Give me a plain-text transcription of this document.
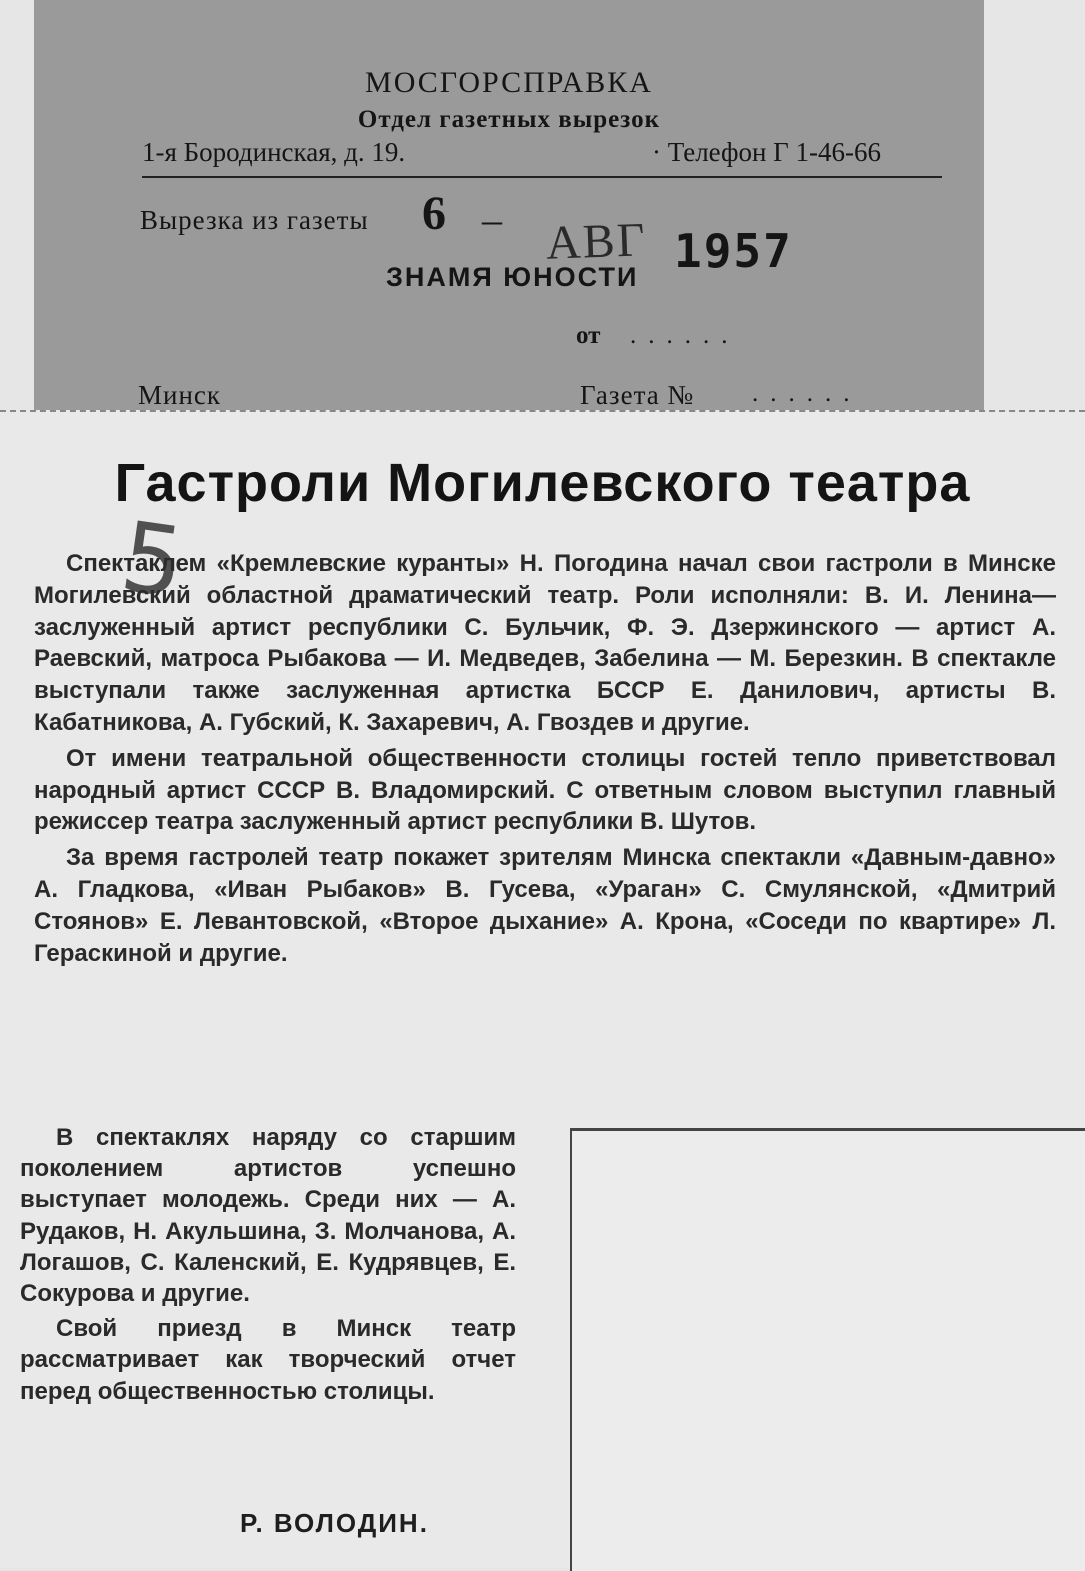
МОСГОРСПРАВКА
Отдел газетных вырезок
1-я Бородинская, д. 19.	· Телефон Г 1-46-66
Вырезка из газеты 6 – АВГ 1957
ЗНАМЯ ЮНОСТИ
от ......
Минск	Газета № ......
Гастроли Могилевского театра
5

Спектаклем «Кремлевские куранты» Н. Погодина начал свои гастроли в Минске Могилевский областной драматический театр. Роли исполняли: В. И. Ленина—заслуженный артист республики С. Бульчик, Ф. Э. Дзержинского — артист А. Раевский, матроса Рыбакова — И. Медведев, Забелина — М. Березкин. В спектакле выступали также заслуженная артистка БССР Е. Данилович, артисты В. Кабатникова, А. Губский, К. Захаревич, А. Гвоздев и другие.

От имени театральной общественности столицы гостей тепло приветствовал народный артист СССР В. Владомирский. С ответным словом выступил главный режиссер театра заслуженный артист республики В. Шутов.

За время гастролей театр покажет зрителям Минска спектакли «Давным-давно» А. Гладкова, «Иван Рыбаков» В. Гусева, «Ураган» С. Смулянской, «Дмитрий Стоянов» Е. Левантовской, «Второе дыхание» А. Крона, «Соседи по квартире» Л. Гераскиной и другие.

В спектаклях наряду со старшим поколением артистов успешно выступает молодежь. Среди них — А. Рудаков, Н. Акульшина, З. Молчанова, А. Логашов, С. Каленский, Е. Кудрявцев, Е. Сокурова и другие.

Свой приезд в Минск театр рассматривает как творческий отчет перед общественностью столицы.

Р. ВОЛОДИН.
